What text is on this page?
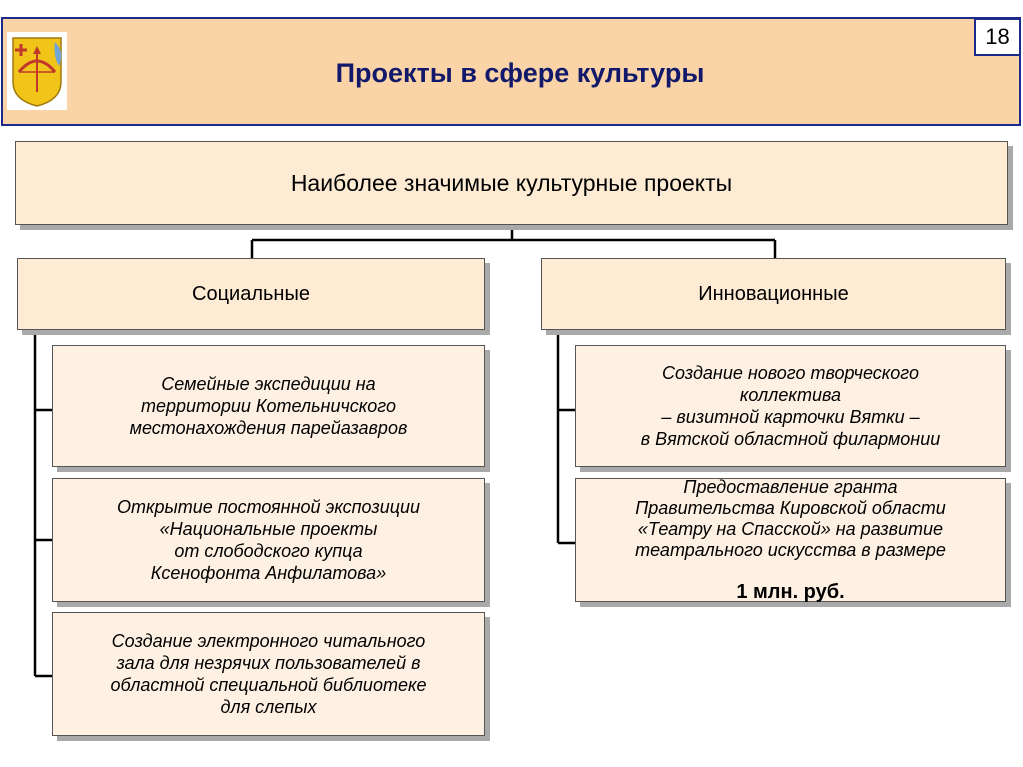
18
Проекты в сфере культуры
Наиболее значимые культурные проекты
Социальные	Инновационные
Семейные экспедиции на
территории Котельничского
местонахождения парейазавров
Открытие постоянной экспозиции
«Национальные проекты
от слободского купца
Ксенофонта Анфилатова»
Создание электронного читального
зала для незрячих пользователей в
областной специальной библиотеке
для слепых
Создание нового творческого
коллектива
– визитной карточки Вятки –
в Вятской областной филармонии

Предоставление гранта
Правительства Кировской области
«Театру на Спасской» на развитие
театрального искусства в размере

1 млн. руб.
